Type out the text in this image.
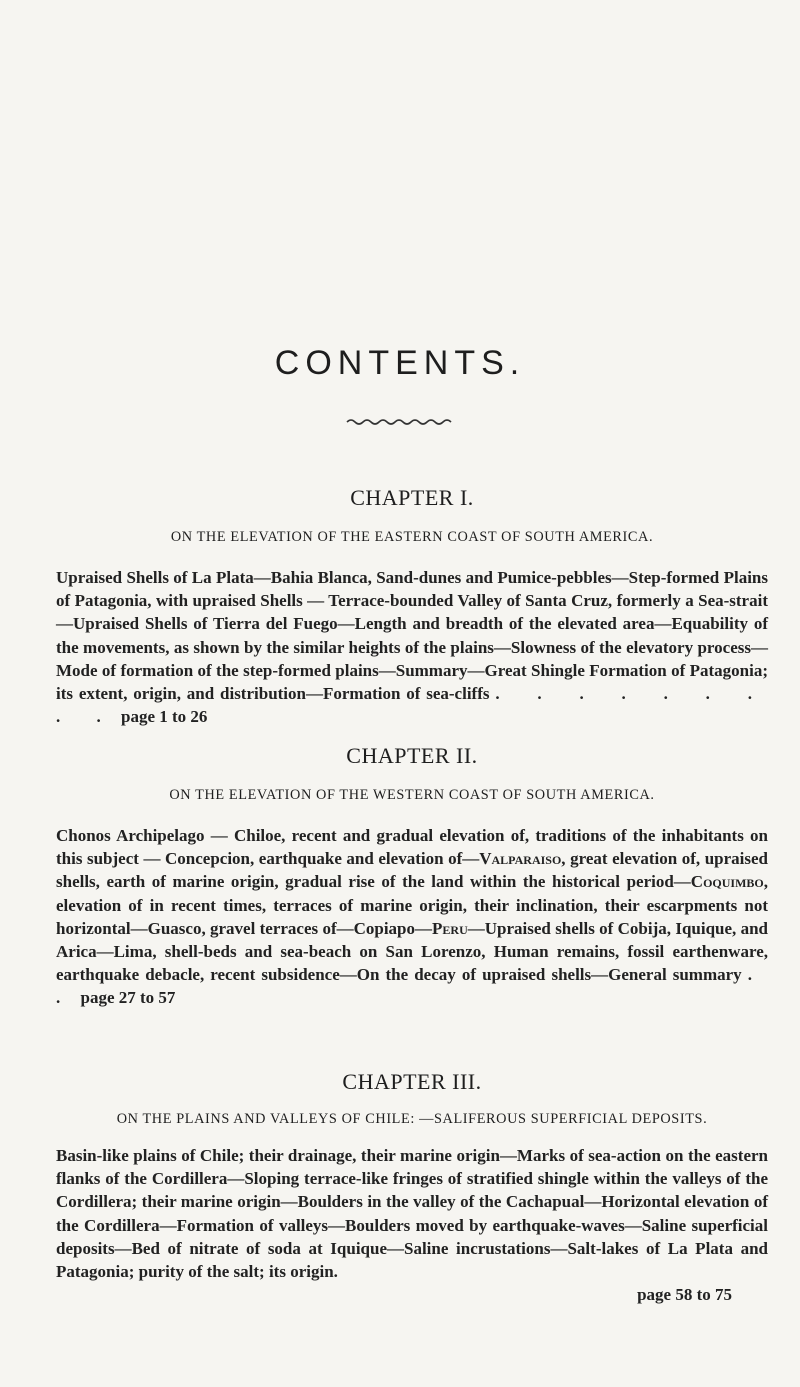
CONTENTS.
CHAPTER I.

ON THE ELEVATION OF THE EASTERN COAST OF SOUTH AMERICA.

Upraised Shells of La Plata—Bahia Blanca, Sand-dunes and Pumice-pebbles—Step-formed Plains of Patagonia, with upraised Shells — Terrace-bounded Valley of Santa Cruz, formerly a Sea-strait—Upraised Shells of Tierra del Fuego—Length and breadth of the elevated area—Equability of the movements, as shown by the similar heights of the plains—Slowness of the elevatory process—Mode of formation of the step-formed plains—Summary—Great Shingle Formation of Patagonia; its extent, origin, and distribution—Formation of sea-cliffs . . . . . . . . . page 1 to 26

CHAPTER II.

ON THE ELEVATION OF THE WESTERN COAST OF SOUTH AMERICA.

Chonos Archipelago — Chiloe, recent and gradual elevation of, traditions of the inhabitants on this subject — Concepcion, earthquake and elevation of—Valparaiso, great elevation of, upraised shells, earth of marine origin, gradual rise of the land within the historical period—Coquimbo, elevation of in recent times, terraces of marine origin, their inclination, their escarpments not horizontal—Guasco, gravel terraces of—Copiapo—Peru—Upraised shells of Cobija, Iquique, and Arica—Lima, shell-beds and sea-beach on San Lorenzo, Human remains, fossil earthenware, earthquake debacle, recent subsidence—On the decay of upraised shells—General summary . . page 27 to 57

CHAPTER III.

ON THE PLAINS AND VALLEYS OF CHILE: —SALIFEROUS SUPERFICIAL DEPOSITS.

Basin-like plains of Chile; their drainage, their marine origin—Marks of sea-action on the eastern flanks of the Cordillera—Sloping terrace-like fringes of stratified shingle within the valleys of the Cordillera; their marine origin—Boulders in the valley of the Cachapual—Horizontal elevation of the Cordillera—Formation of valleys—Boulders moved by earthquake-waves—Saline superficial deposits—Bed of nitrate of soda at Iquique—Saline incrustations—Salt-lakes of La Plata and Patagonia; purity of the salt; its origin.
page 58 to 75
